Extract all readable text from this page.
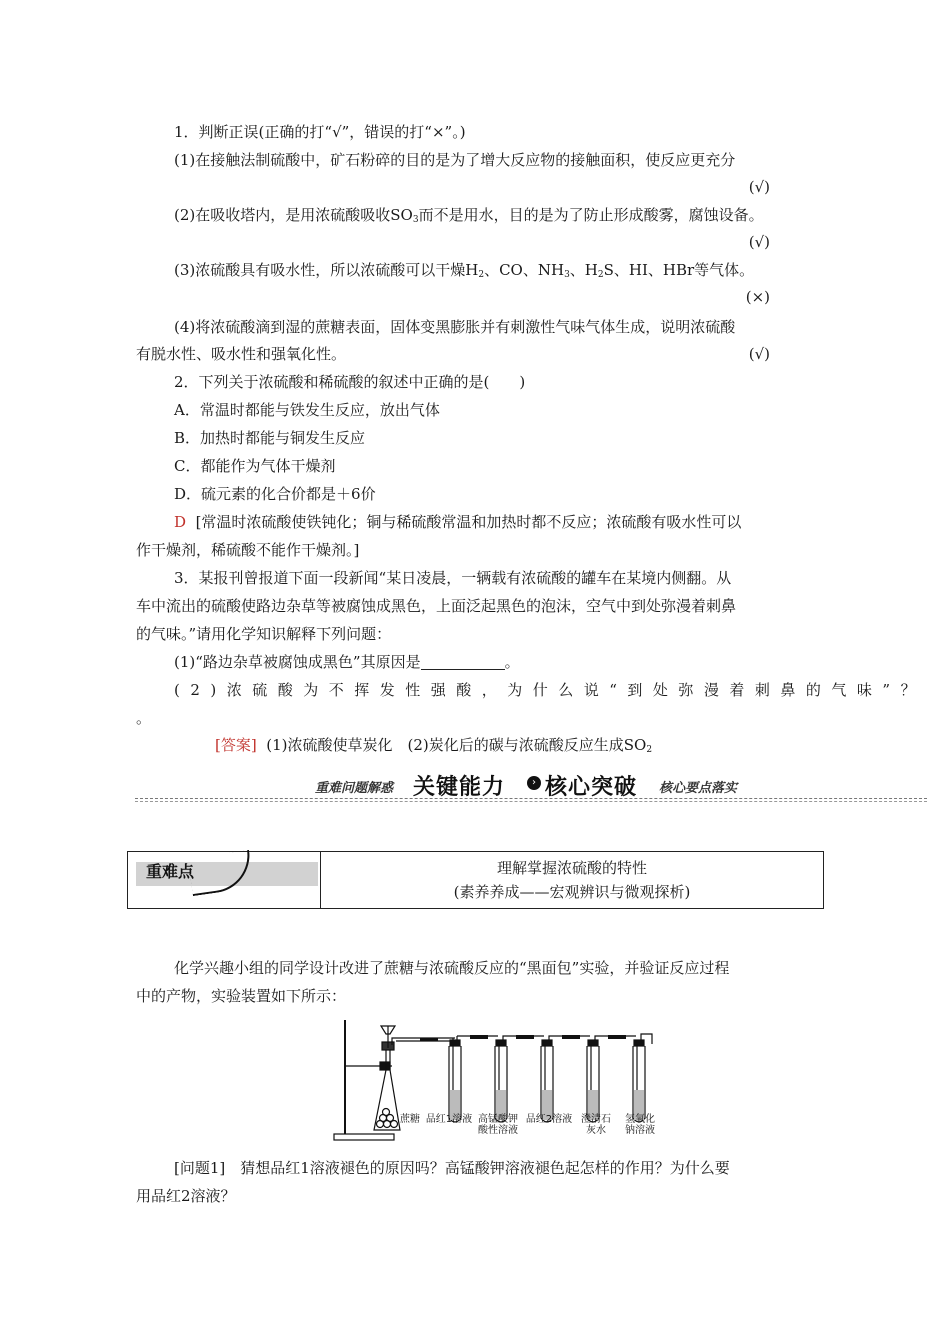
1．判断正误(正确的打“√”，错误的打“×”。)
(1)在接触法制硫酸中，矿石粉碎的目的是为了增大反应物的接触面积，使反应更充分
(√)
(2)在吸收塔内，是用浓硫酸吸收$SO_3$而不是用水，目的是为了防止形成酸雾，腐蚀设备。
(√)
(3)浓硫酸具有吸水性，所以浓硫酸可以干燥$H_2$、CO、$NH_3$、$H_2S$、HI、HBr等气体。
(×)
(4)将浓硫酸滴到湿的蔗糖表面，固体变黑膨胀并有刺激性气味气体生成，说明浓硫酸
有脱水性、吸水性和强氧化性。	(√)
2．下列关于浓硫酸和稀硫酸的叙述中正确的是(　　)
A．常温时都能与铁发生反应，放出气体
B．加热时都能与铜发生反应
C．都能作为气体干燥剂
D．硫元素的化合价都是＋6价
D [常温时浓硫酸使铁钝化；铜与稀硫酸常温和加热时都不反应；浓硫酸有吸水性可以
作干燥剂，稀硫酸不能作干燥剂。]
3．某报刊曾报道下面一段新闻“某日凌晨，一辆载有浓硫酸的罐车在某境内侧翻。从
车中流出的硫酸使路边杂草等被腐蚀成黑色，上面泛起黑色的泡沫，空气中到处弥漫着刺鼻
的气味。”请用化学知识解释下列问题：
(1)“路边杂草被腐蚀成黑色”其原因是	。
(2)浓硫酸为不挥发性强酸，为什么说“到处弥漫着刺鼻的气味”？
。
[答案] (1)浓硫酸使草炭化　(2)炭化后的碳与浓硫酸反应生成$SO_2$
重难问题解惑 关键能力	› 核心突破 核心要点落实
重难点	理解掌握浓硫酸的特性
(素养养成——宏观辨识与微观探析)
化学兴趣小组的同学设计改进了蔗糖与浓硫酸反应的“黑面包”实验，并验证反应过程
中的产物，实验装置如下所示：
蔗糖 品红1溶液 高锰酸钾
酸性溶液
品红2溶液 澄清石
灰水
氢氧化
钠溶液
[问题1]　猜想品红1溶液褪色的原因吗？高锰酸钾溶液褪色起怎样的作用？为什么要
用品红2溶液？
